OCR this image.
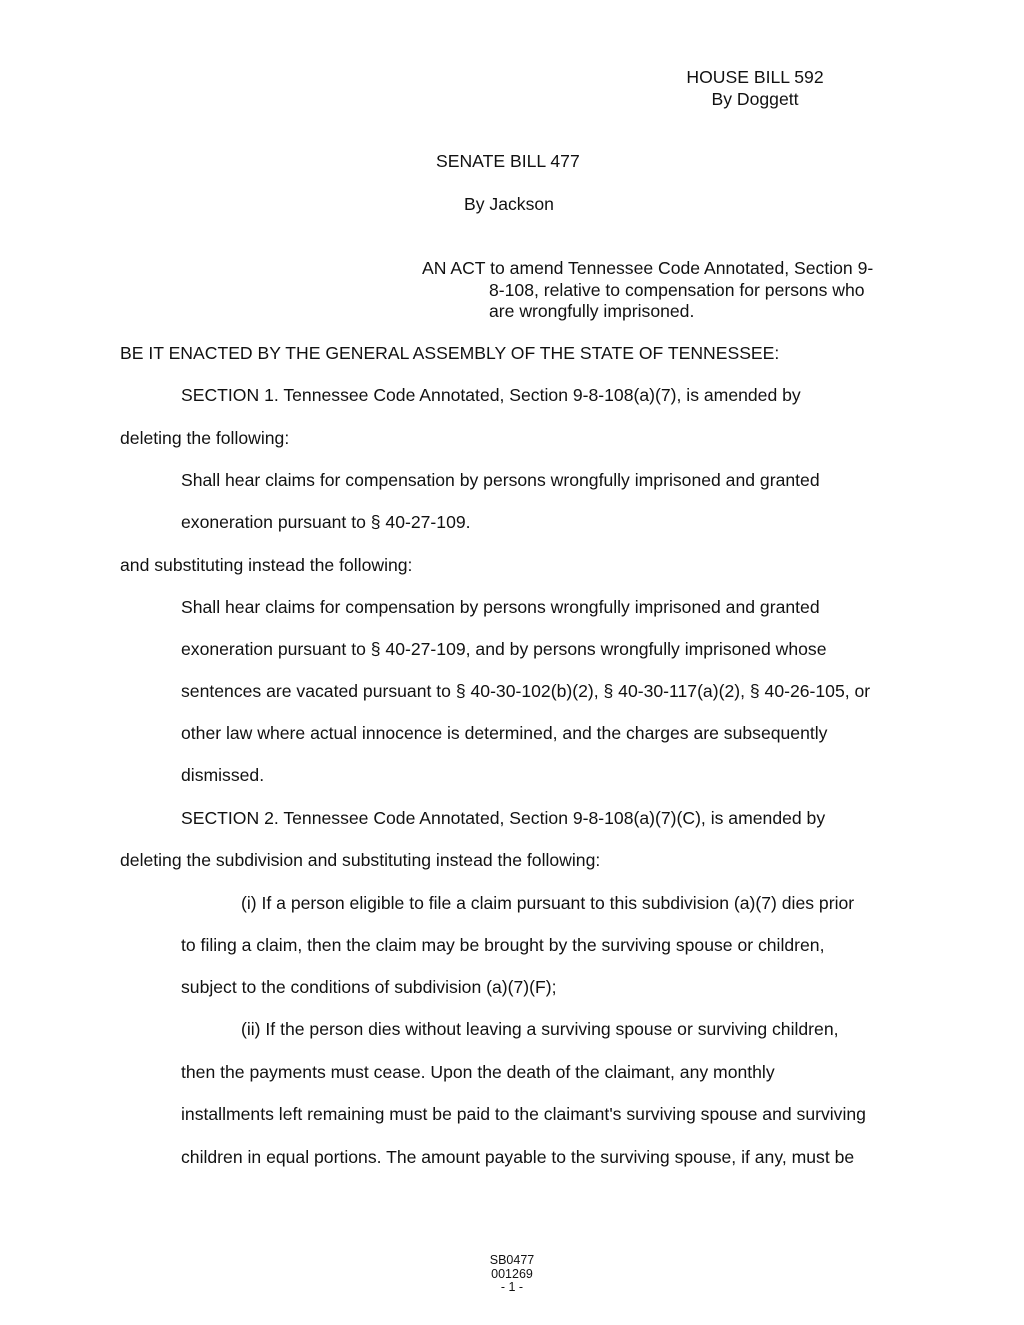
HOUSE BILL 592
By Doggett
SENATE BILL 477
By Jackson
AN ACT to amend Tennessee Code Annotated, Section 9-
8-108, relative to compensation for persons who
are wrongfully imprisoned.
BE IT ENACTED BY THE GENERAL ASSEMBLY OF THE STATE OF TENNESSEE:
SECTION 1. Tennessee Code Annotated, Section 9-8-108(a)(7), is amended by
deleting the following:
Shall hear claims for compensation by persons wrongfully imprisoned and granted
exoneration pursuant to § 40-27-109.
and substituting instead the following:
Shall hear claims for compensation by persons wrongfully imprisoned and granted
exoneration pursuant to § 40-27-109, and by persons wrongfully imprisoned whose
sentences are vacated pursuant to § 40-30-102(b)(2), § 40-30-117(a)(2), § 40-26-105, or
other law where actual innocence is determined, and the charges are subsequently
dismissed.
SECTION 2. Tennessee Code Annotated, Section 9-8-108(a)(7)(C), is amended by
deleting the subdivision and substituting instead the following:
(i) If a person eligible to file a claim pursuant to this subdivision (a)(7) dies prior
to filing a claim, then the claim may be brought by the surviving spouse or children,
subject to the conditions of subdivision (a)(7)(F);
(ii) If the person dies without leaving a surviving spouse or surviving children,
then the payments must cease. Upon the death of the claimant, any monthly
installments left remaining must be paid to the claimant's surviving spouse and surviving
children in equal portions. The amount payable to the surviving spouse, if any, must be
SB0477
001269
- 1 -
